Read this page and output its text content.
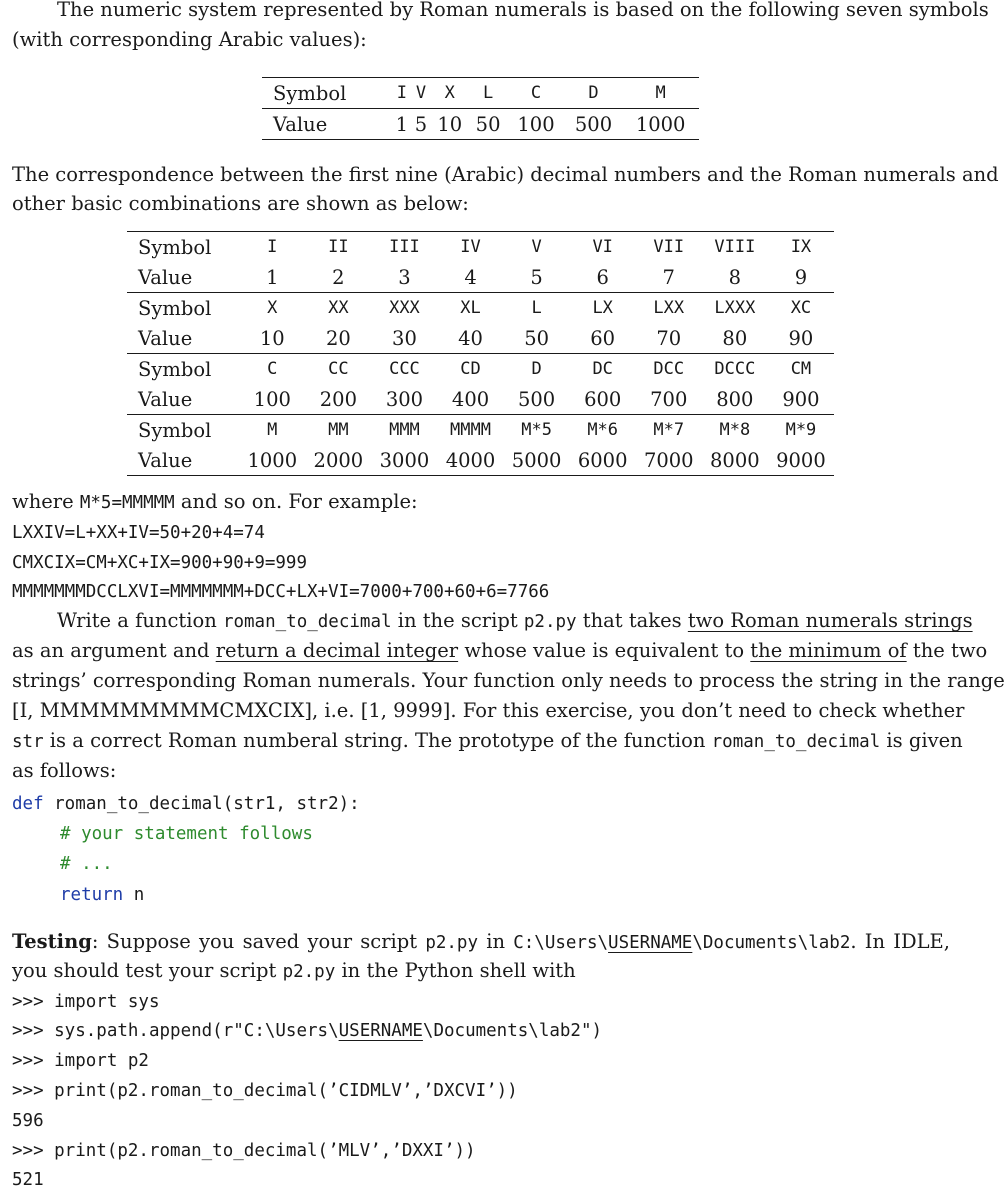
The numeric system represented by Roman numerals is based on the following seven symbols
(with corresponding Arabic values):
Symbol	I	V	X	L	C	D	M
Value	1	5	10	50	100	500	1000
The correspondence between the first nine (Arabic) decimal numbers and the Roman numerals and
other basic combinations are shown as below:
Symbol	I	II	III	IV	V	VI	VII	VIII	IX
Value	1	2	3	4	5	6	7	8	9
Symbol	X	XX	XXX	XL	L	LX	LXX	LXXX	XC
Value	10	20	30	40	50	60	70	80	90
Symbol	C	CC	CCC	CD	D	DC	DCC	DCCC	CM
Value	100	200	300	400	500	600	700	800	900
Symbol	M	MM	MMM	MMMM	M*5	M*6	M*7	M*8	M*9
Value	1000	2000	3000	4000	5000	6000	7000	8000	9000
where M*5=MMMMM and so on. For example:
LXXIV=L+XX+IV=50+20+4=74
CMXCIX=CM+XC+IX=900+90+9=999
MMMMMMMDCCLXVI=MMMMMMM+DCC+LX+VI=7000+700+60+6=7766
Write a function roman_to_decimal in the script p2.py that takes two Roman numerals strings
as an argument and return a decimal integer whose value is equivalent to the minimum of the two
strings’ corresponding Roman numerals. Your function only needs to process the string in the range
[I, MMMMMMMMMCMXCIX], i.e. [1, 9999]. For this exercise, you don’t need to check whether
str is a correct Roman numberal string. The prototype of the function roman_to_decimal is given
as follows:
def roman_to_decimal(str1, str2):
# your statement follows
# ...
return n
Testing: Suppose you saved your script p2.py in C:\Users\USERNAME\Documents\lab2. In IDLE,
you should test your script p2.py in the Python shell with
>>> import sys
>>> sys.path.append(r"C:\Users\USERNAME\Documents\lab2")
>>> import p2
>>> print(p2.roman_to_decimal(’CIDMLV’,’DXCVI’))
596
>>> print(p2.roman_to_decimal(’MLV’,’DXXI’))
521
